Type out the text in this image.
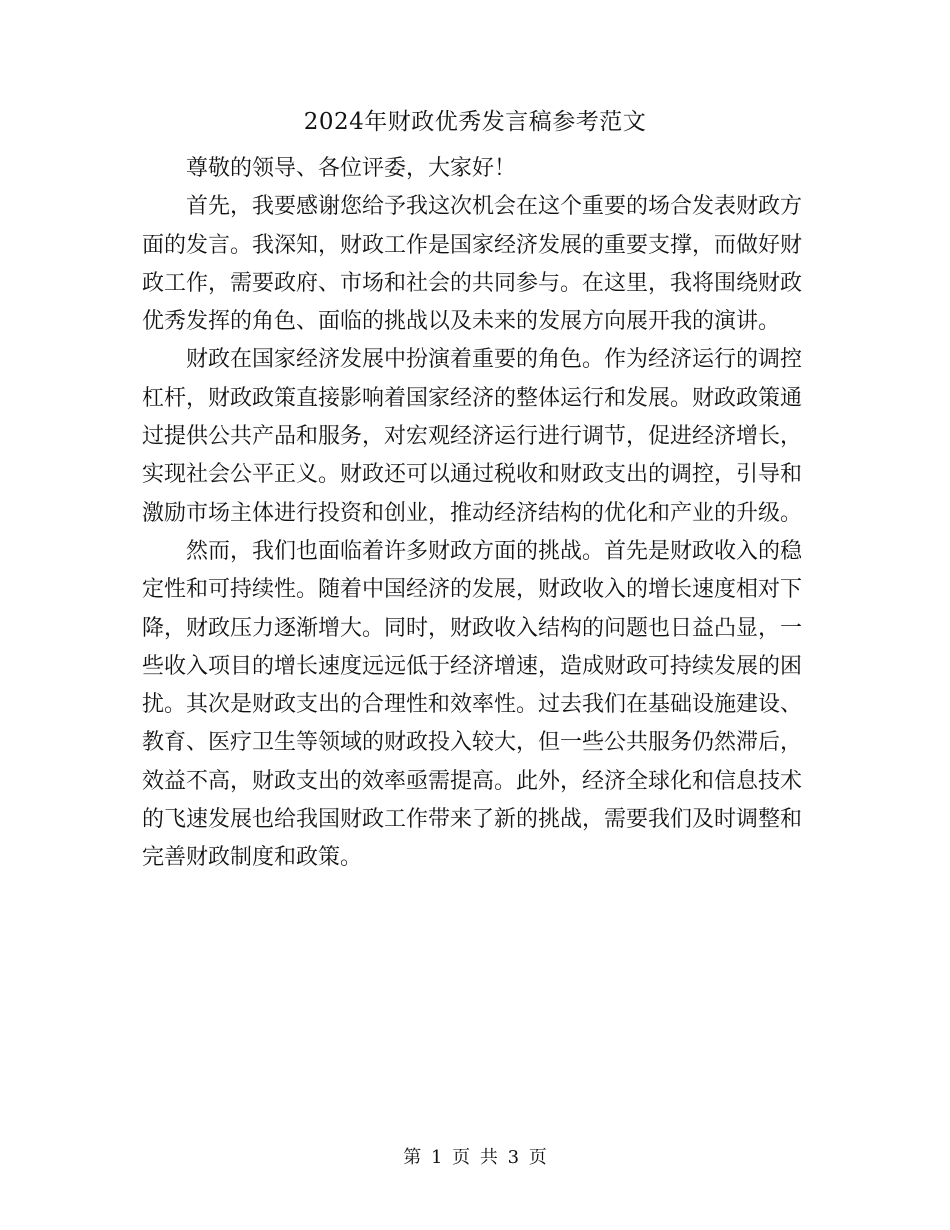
2024年财政优秀发言稿参考范文

尊敬的领导、各位评委，大家好！

首先，我要感谢您给予我这次机会在这个重要的场合发表财政方面的发言。我深知，财政工作是国家经济发展的重要支撑，而做好财政工作，需要政府、市场和社会的共同参与。在这里，我将围绕财政优秀发挥的角色、面临的挑战以及未来的发展方向展开我的演讲。

财政在国家经济发展中扮演着重要的角色。作为经济运行的调控杠杆，财政政策直接影响着国家经济的整体运行和发展。财政政策通过提供公共产品和服务，对宏观经济运行进行调节，促进经济增长，实现社会公平正义。财政还可以通过税收和财政支出的调控，引导和激励市场主体进行投资和创业，推动经济结构的优化和产业的升级。

然而，我们也面临着许多财政方面的挑战。首先是财政收入的稳定性和可持续性。随着中国经济的发展，财政收入的增长速度相对下降，财政压力逐渐增大。同时，财政收入结构的问题也日益凸显，一些收入项目的增长速度远远低于经济增速，造成财政可持续发展的困扰。其次是财政支出的合理性和效率性。过去我们在基础设施建设、教育、医疗卫生等领域的财政投入较大，但一些公共服务仍然滞后，效益不高，财政支出的效率亟需提高。此外，经济全球化和信息技术的飞速发展也给我国财政工作带来了新的挑战，需要我们及时调整和完善财政制度和政策。

第 1 页 共 3 页
